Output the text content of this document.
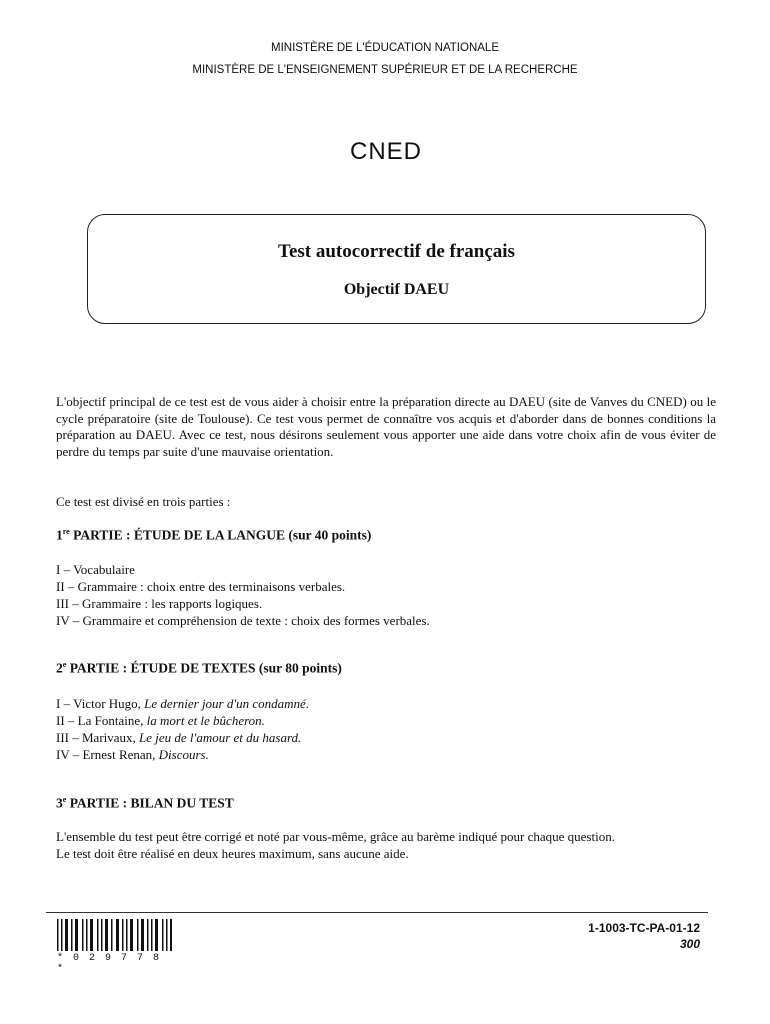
MINISTÈRE DE L'ÉDUCATION NATIONALE
MINISTÈRE DE L'ENSEIGNEMENT SUPÉRIEUR ET DE LA RECHERCHE
CNED
Test autocorrectif de français
Objectif DAEU

L'objectif principal de ce test est de vous aider à choisir entre la préparation directe au DAEU (site de Vanves du CNED) ou le cycle préparatoire (site de Toulouse). Ce test vous permet de connaître vos acquis et d'aborder dans de bonnes conditions la préparation au DAEU. Avec ce test, nous désirons seulement vous apporter une aide dans votre choix afin de vous éviter de perdre du temps par suite d'une mauvaise orientation.

Ce test est divisé en trois parties :

1re PARTIE : ÉTUDE DE LA LANGUE (sur 40 points)
I – Vocabulaire
II – Grammaire : choix entre des terminaisons verbales.
III – Grammaire : les rapports logiques.
IV – Grammaire et compréhension de texte : choix des formes verbales.
2e PARTIE : ÉTUDE DE TEXTES (sur 80 points)
I – Victor Hugo, Le dernier jour d'un condamné.
II – La Fontaine, la mort et le bûcheron.
III – Marivaux, Le jeu de l'amour et du hasard.
IV – Ernest Renan, Discours.
3e PARTIE : BILAN DU TEST
L'ensemble du test peut être corrigé et noté par vous-même, grâce au barème indiqué pour chaque question.
Le test doit être réalisé en deux heures maximum, sans aucune aide.
* 0 2 9 7 7 8 *
1-1003-TC-PA-01-12
300
